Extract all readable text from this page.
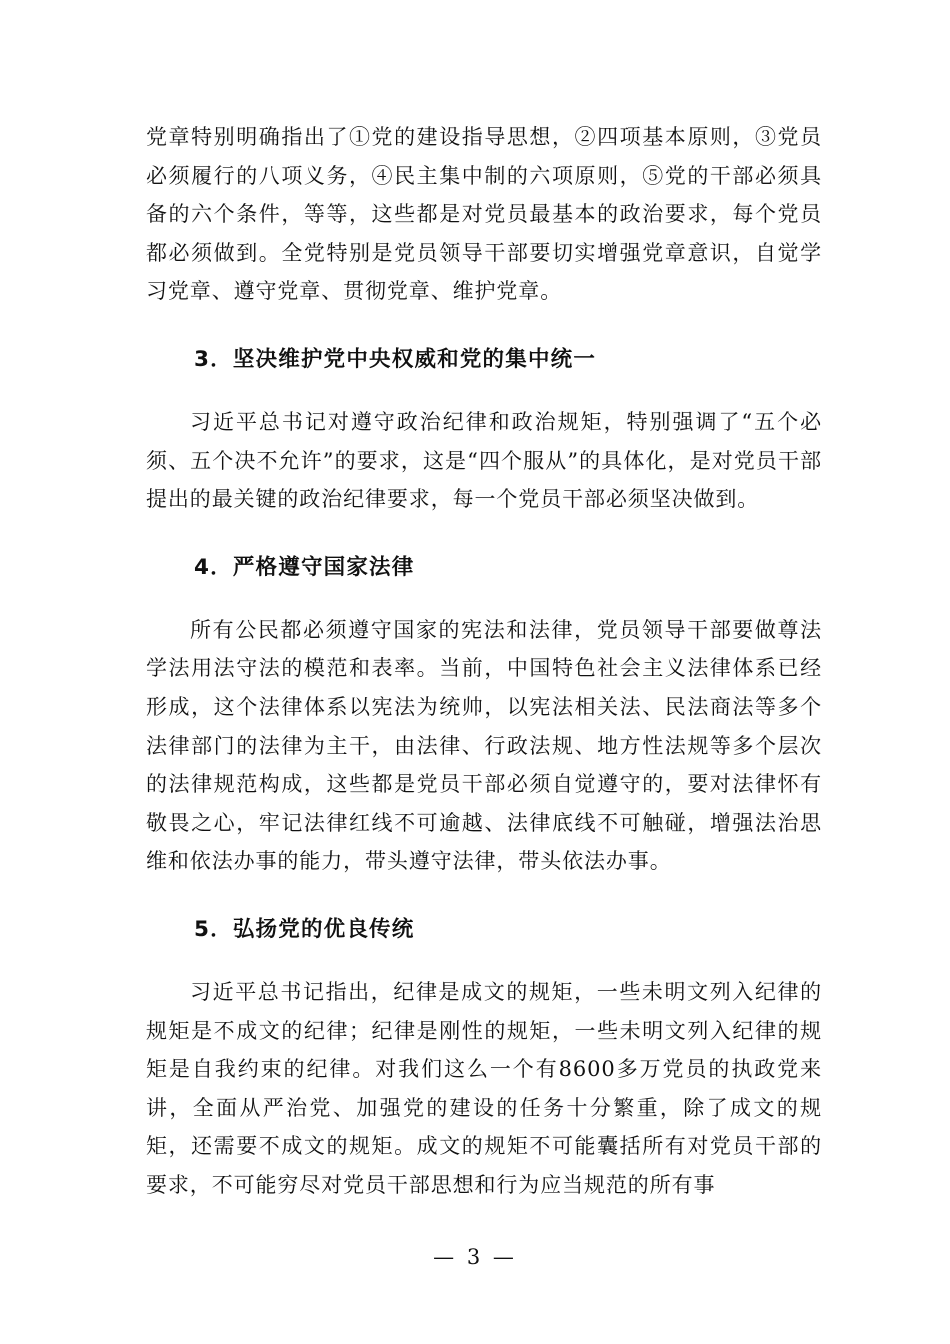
党章特别明确指出了①党的建设指导思想，②四项基本原则，③党员必须履行的八项义务，④民主集中制的六项原则，⑤党的干部必须具备的六个条件，等等，这些都是对党员最基本的政治要求，每个党员都必须做到。全党特别是党员领导干部要切实增强党章意识，自觉学习党章、遵守党章、贯彻党章、维护党章。

3．坚决维护党中央权威和党的集中统一

习近平总书记对遵守政治纪律和政治规矩，特别强调了“五个必须、五个决不允许”的要求，这是“四个服从”的具体化，是对党员干部提出的最关键的政治纪律要求，每一个党员干部必须坚决做到。

4．严格遵守国家法律

所有公民都必须遵守国家的宪法和法律，党员领导干部要做尊法学法用法守法的模范和表率。当前，中国特色社会主义法律体系已经形成，这个法律体系以宪法为统帅，以宪法相关法、民法商法等多个法律部门的法律为主干，由法律、行政法规、地方性法规等多个层次的法律规范构成，这些都是党员干部必须自觉遵守的，要对法律怀有敬畏之心，牢记法律红线不可逾越、法律底线不可触碰，增强法治思维和依法办事的能力，带头遵守法律，带头依法办事。

5．弘扬党的优良传统

习近平总书记指出，纪律是成文的规矩，一些未明文列入纪律的规矩是不成文的纪律；纪律是刚性的规矩，一些未明文列入纪律的规矩是自我约束的纪律。对我们这么一个有8600多万党员的执政党来讲，全面从严治党、加强党的建设的任务十分繁重，除了成文的规矩，还需要不成文的规矩。成文的规矩不可能囊括所有对党员干部的要求，不可能穷尽对党员干部思想和行为应当规范的所有事

— 3 —
